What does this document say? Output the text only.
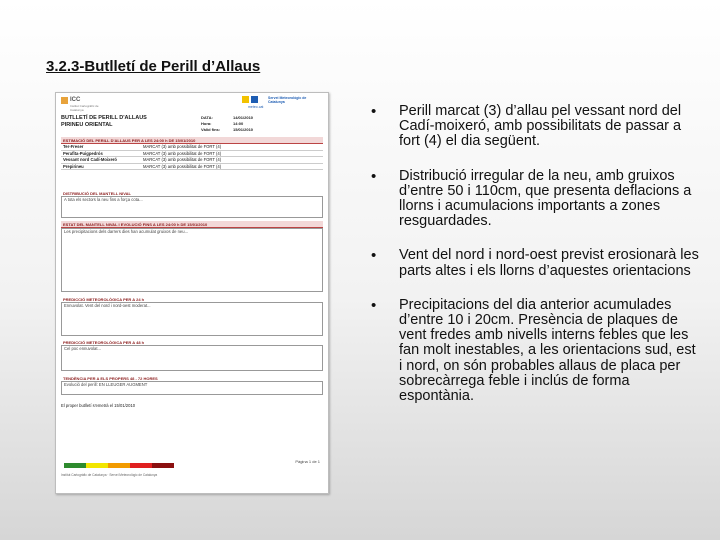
3.2.3-Butlletí de Perill d’Allaus
ICC
Institut Cartogràfic de Catalunya
Servei Meteorològic de Catalunya
meteo.cat
BUTLLETÍ DE PERILL D'ALLAUS
PIRINEU ORIENTAL
DATA:	14/01/2010
Hora:	14:00
Vàlid fins:	15/01/2010
ESTIMACIÓ DEL PERILL D'ALLAUS PER A LES 24:00 h DE 15/01/2010
Ter-Freser	MARCAT (3) amb possibilitat de FORT (4)
Perafita-Puigpedrós	MARCAT (3) amb possibilitat de FORT (4)
Vessant nord Cadí-Moixeró	MARCAT (3) amb possibilitat de FORT (4)
Prepirineu	MARCAT (3) amb possibilitat de FORT (4)
DISTRIBUCIÓ DEL MANTELL NIVAL
A tota els sectors la neu fins a força cota...
ESTAT DEL MANTELL NIVAL I EVOLUCIÓ FINS A LES 24:00 h DE 15/01/2010
Les precipitacions dels darrers dies han acumulat gruixos de neu...
PREDICCIÓ METEOROLÒGICA PER A 24 h
Ennuvolat. Vent del nord i nord-oest moderat...
PREDICCIÓ METEOROLÒGICA PER A 48 h
Cel poc ennuvolat...
TENDÈNCIA PER A ELS PROPERS 48 - 72 HORES
Evolució del perill: EN LLEUGER AUGMENT
El proper butlletí s'emetrà el 15/01/2010
Pàgina 1 de 1
Institut Cartogràfic de Catalunya · Servei Meteorològic de Catalunya
•	Perill marcat (3) d’allau pel vessant nord del Cadí-moixeró, amb possibilitats de passar a fort (4) el dia següent.
•	Distribució irregular de la neu, amb gruixos d’entre 50 i 110cm, que presenta deflacions a llorns i acumulacions importants a zones resguardades.
•	Vent del nord i nord-oest previst erosionarà les parts altes i els llorns d’aquestes orientacions
•	Precipitacions del dia anterior acumulades d’entre 10 i 20cm. Presència de plaques de vent fredes amb nivells interns febles que les fan molt inestables, a les orientacions sud, est i nord, on són probables allaus de placa per sobrecàrrega feble i inclús de forma espontània.
